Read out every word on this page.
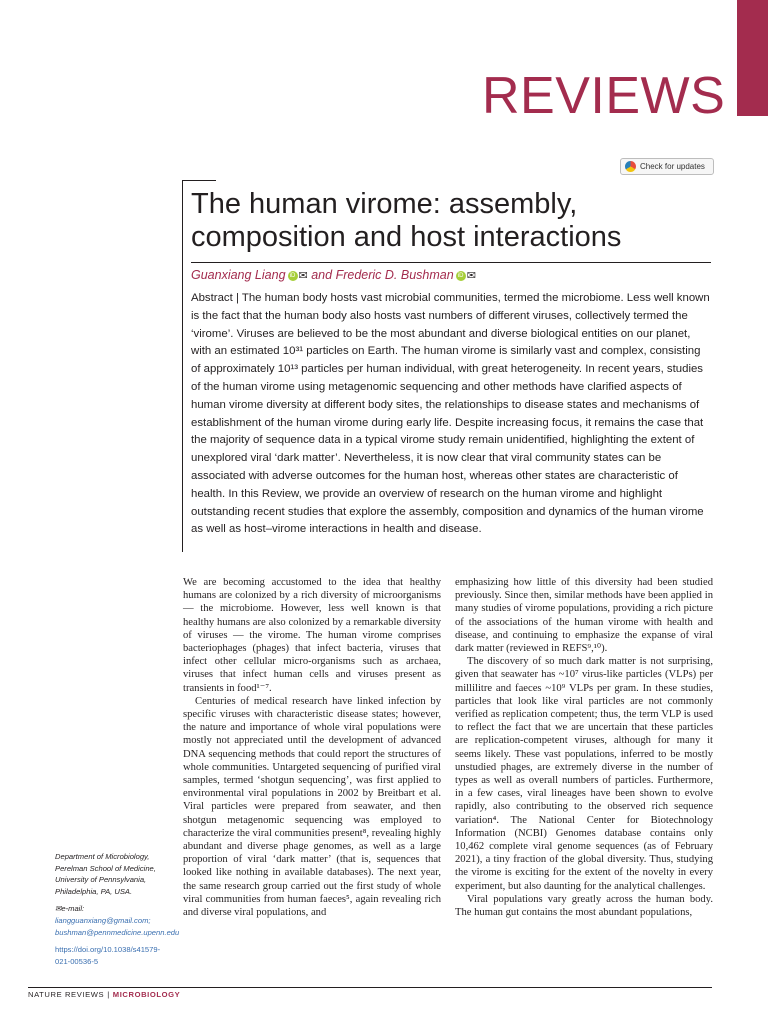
REVIEWS
Check for updates
The human virome: assembly,
composition and host interactions
Guanxiang Liang iD ✉ and Frederic D. Bushman iD ✉

Abstract | The human body hosts vast microbial communities, termed the microbiome. Less well known is the fact that the human body also hosts vast numbers of different viruses, collectively termed the ‘virome’. Viruses are believed to be the most abundant and diverse biological entities on our planet, with an estimated 10³¹ particles on Earth. The human virome is similarly vast and complex, consisting of approximately 10¹³ particles per human individual, with great heterogeneity. In recent years, studies of the human virome using metagenomic sequencing and other methods have clarified aspects of human virome diversity at different body sites, the relationships to disease states and mechanisms of establishment of the human virome during early life. Despite increasing focus, it remains the case that the majority of sequence data in a typical virome study remain unidentified, highlighting the extent of unexplored viral ‘dark matter’. Nevertheless, it is now clear that viral community states can be associated with adverse outcomes for the human host, whereas other states are characteristic of health. In this Review, we provide an overview of research on the human virome and highlight outstanding recent studies that explore the assembly, composition and dynamics of the human virome as well as host–virome interactions in health and disease.

We are becoming accustomed to the idea that healthy humans are colonized by a rich diversity of microorganisms — the microbiome. However, less well known is that healthy humans are also colonized by a remarkable diversity of viruses — the virome. The human virome comprises bacteriophages (phages) that infect bacteria, viruses that infect other cellular micro-organisms such as archaea, viruses that infect human cells and viruses present as transients in food¹⁻⁷.

Centuries of medical research have linked infection by specific viruses with characteristic disease states; however, the nature and importance of whole viral populations were mostly not appreciated until the development of advanced DNA sequencing methods that could report the structures of whole communities. Untargeted sequencing of purified viral samples, termed ‘shotgun sequencing’, was first applied to environmental viral populations in 2002 by Breitbart et al. Viral particles were prepared from seawater, and then shotgun metagenomic sequencing was employed to characterize the viral communities present⁸, revealing highly abundant and diverse phage genomes, as well as a large proportion of viral ‘dark matter’ (that is, sequences that looked like nothing in available databases). The next year, the same research group carried out the first study of whole viral communities from human faeces⁵, again revealing rich and diverse viral populations, and

emphasizing how little of this diversity had been studied previously. Since then, similar methods have been applied in many studies of virome populations, providing a rich picture of the associations of the human virome with health and disease, and continuing to emphasize the expanse of viral dark matter (reviewed in REFS⁹,¹⁰).

The discovery of so much dark matter is not surprising, given that seawater has ~10⁷ virus-like particles (VLPs) per millilitre and faeces ~10⁹ VLPs per gram. In these studies, particles that look like viral particles are not commonly verified as replication competent; thus, the term VLP is used to reflect the fact that we are uncertain that these particles are replication-competent viruses, although for many it seems likely. These vast populations, inferred to be mostly unstudied phages, are extremely diverse in the number of types as well as overall numbers of particles. Furthermore, in a few cases, viral lineages have been shown to evolve rapidly, also contributing to the observed rich sequence variation⁴. The National Center for Biotechnology Information (NCBI) Genomes database contains only 10,462 complete viral genome sequences (as of February 2021), a tiny fraction of the global diversity. Thus, studying the virome is exciting for the extent of the novelty in every experiment, but also daunting for the analytical challenges.

Viral populations vary greatly across the human body. The human gut contains the most abundant populations,

Department of Microbiology, Perelman School of Medicine, University of Pennsylvania, Philadelphia, PA, USA.

✉e-mail: liangguanxiang@gmail.com; bushman@pennmedicine.upenn.edu

https://doi.org/10.1038/s41579-021-00536-5

NATURE REVIEWS | MICROBIOLOGY
